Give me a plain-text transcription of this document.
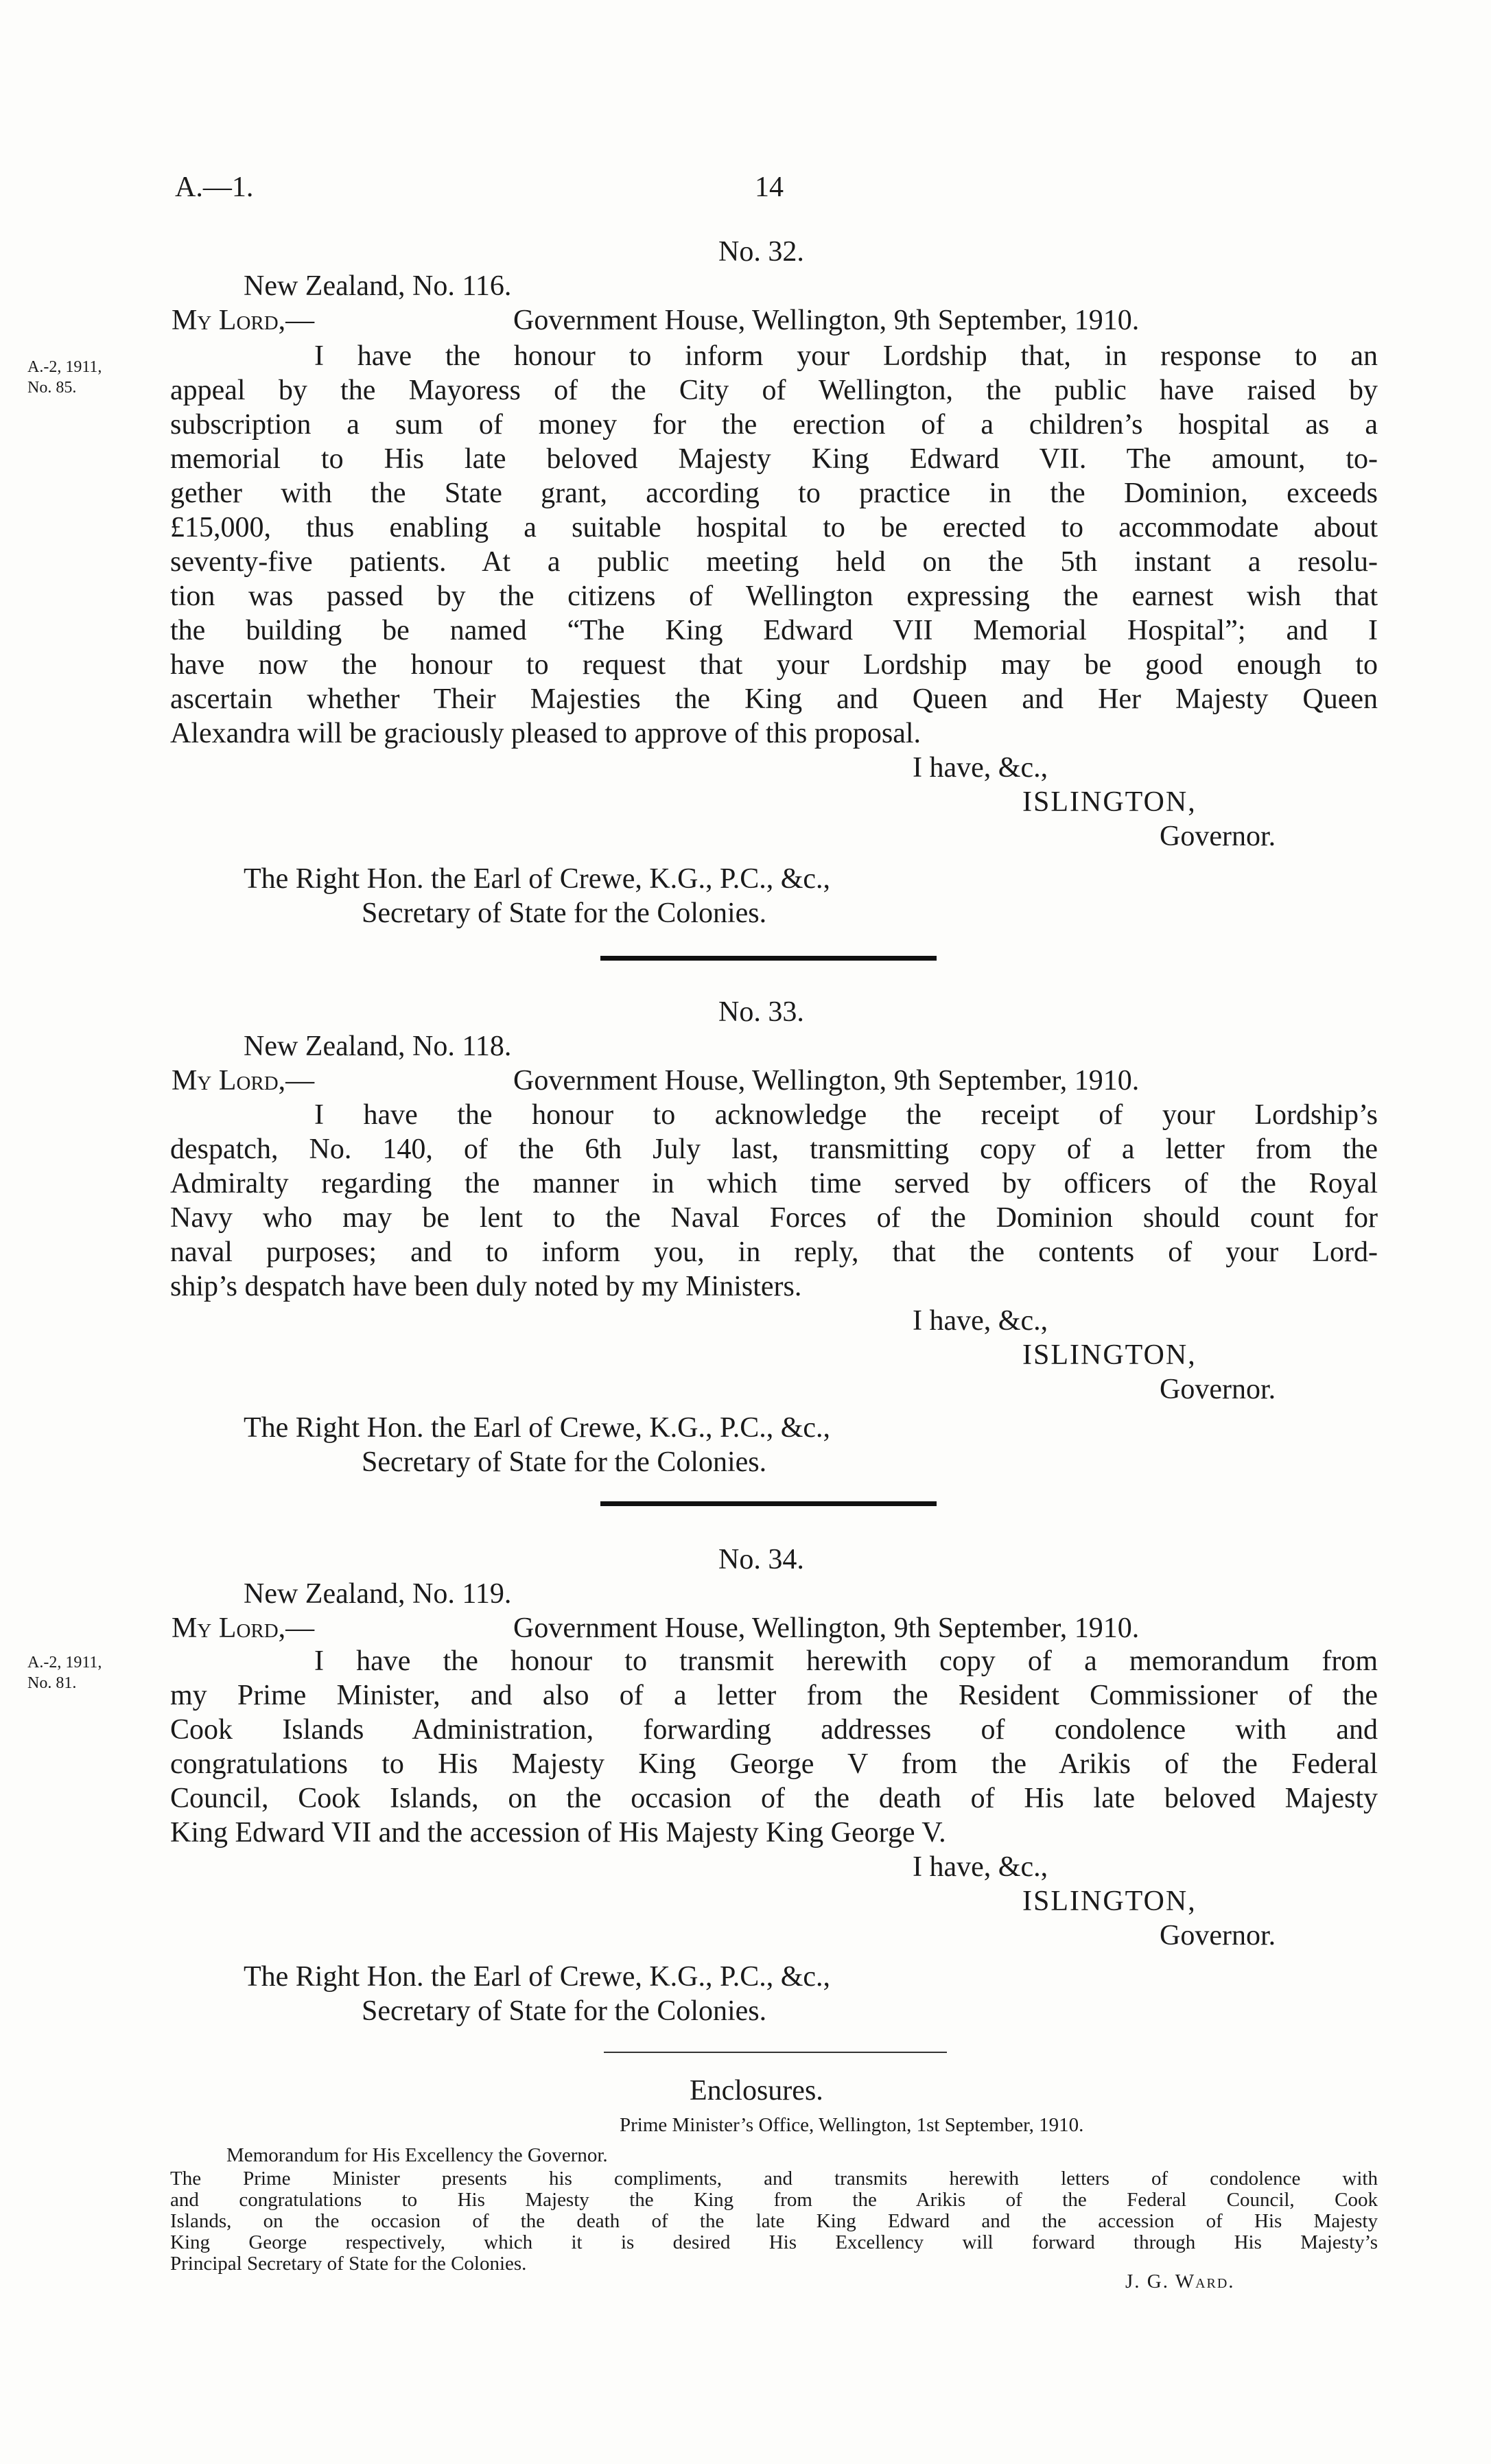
A.—1.	14
No. 32.
New Zealand, No. 116.
My Lord,—	Government House, Wellington, 9th September, 1910.
A.-2, 1911,
No. 85.
I have the honour to inform your Lordship that, in response to an
appeal by the Mayoress of the City of Wellington, the public have raised by
subscription a sum of money for the erection of a children’s hospital as a
memorial to His late beloved Majesty King Edward VII. The amount, to-
gether with the State grant, according to practice in the Dominion, exceeds
£15,000, thus enabling a suitable hospital to be erected to accommodate about
seventy-five patients. At a public meeting held on the 5th instant a resolu-
tion was passed by the citizens of Wellington expressing the earnest wish that
the building be named “The King Edward VII Memorial Hospital”; and I
have now the honour to request that your Lordship may be good enough to
ascertain whether Their Majesties the King and Queen and Her Majesty Queen
Alexandra will be graciously pleased to approve of this proposal.
I have, &c.,
ISLINGTON,
Governor.
The Right Hon. the Earl of Crewe, K.G., P.C., &c.,
Secretary of State for the Colonies.
No. 33.
New Zealand, No. 118.
My Lord,—	Government House, Wellington, 9th September, 1910.
I have the honour to acknowledge the receipt of your Lordship’s
despatch, No. 140, of the 6th July last, transmitting copy of a letter from the
Admiralty regarding the manner in which time served by officers of the Royal
Navy who may be lent to the Naval Forces of the Dominion should count for
naval purposes; and to inform you, in reply, that the contents of your Lord-
ship’s despatch have been duly noted by my Ministers.
I have, &c.,
ISLINGTON,
Governor.
The Right Hon. the Earl of Crewe, K.G., P.C., &c.,
Secretary of State for the Colonies.
No. 34.
New Zealand, No. 119.
My Lord,—	Government House, Wellington, 9th September, 1910.
A.-2, 1911,
No. 81.
I have the honour to transmit herewith copy of a memorandum from
my Prime Minister, and also of a letter from the Resident Commissioner of the
Cook Islands Administration, forwarding addresses of condolence with and
congratulations to His Majesty King George V from the Arikis of the Federal
Council, Cook Islands, on the occasion of the death of His late beloved Majesty
King Edward VII and the accession of His Majesty King George V.
I have, &c.,
ISLINGTON,
Governor.
The Right Hon. the Earl of Crewe, K.G., P.C., &c.,
Secretary of State for the Colonies.
Enclosures.
Prime Minister’s Office, Wellington, 1st September, 1910.
Memorandum for His Excellency the Governor.
The Prime Minister presents his compliments, and transmits herewith letters of condolence with
and congratulations to His Majesty the King from the Arikis of the Federal Council, Cook
Islands, on the occasion of the death of the late King Edward and the accession of His Majesty
King George respectively, which it is desired His Excellency will forward through His Majesty’s
Principal Secretary of State for the Colonies.
J. G. Ward.
